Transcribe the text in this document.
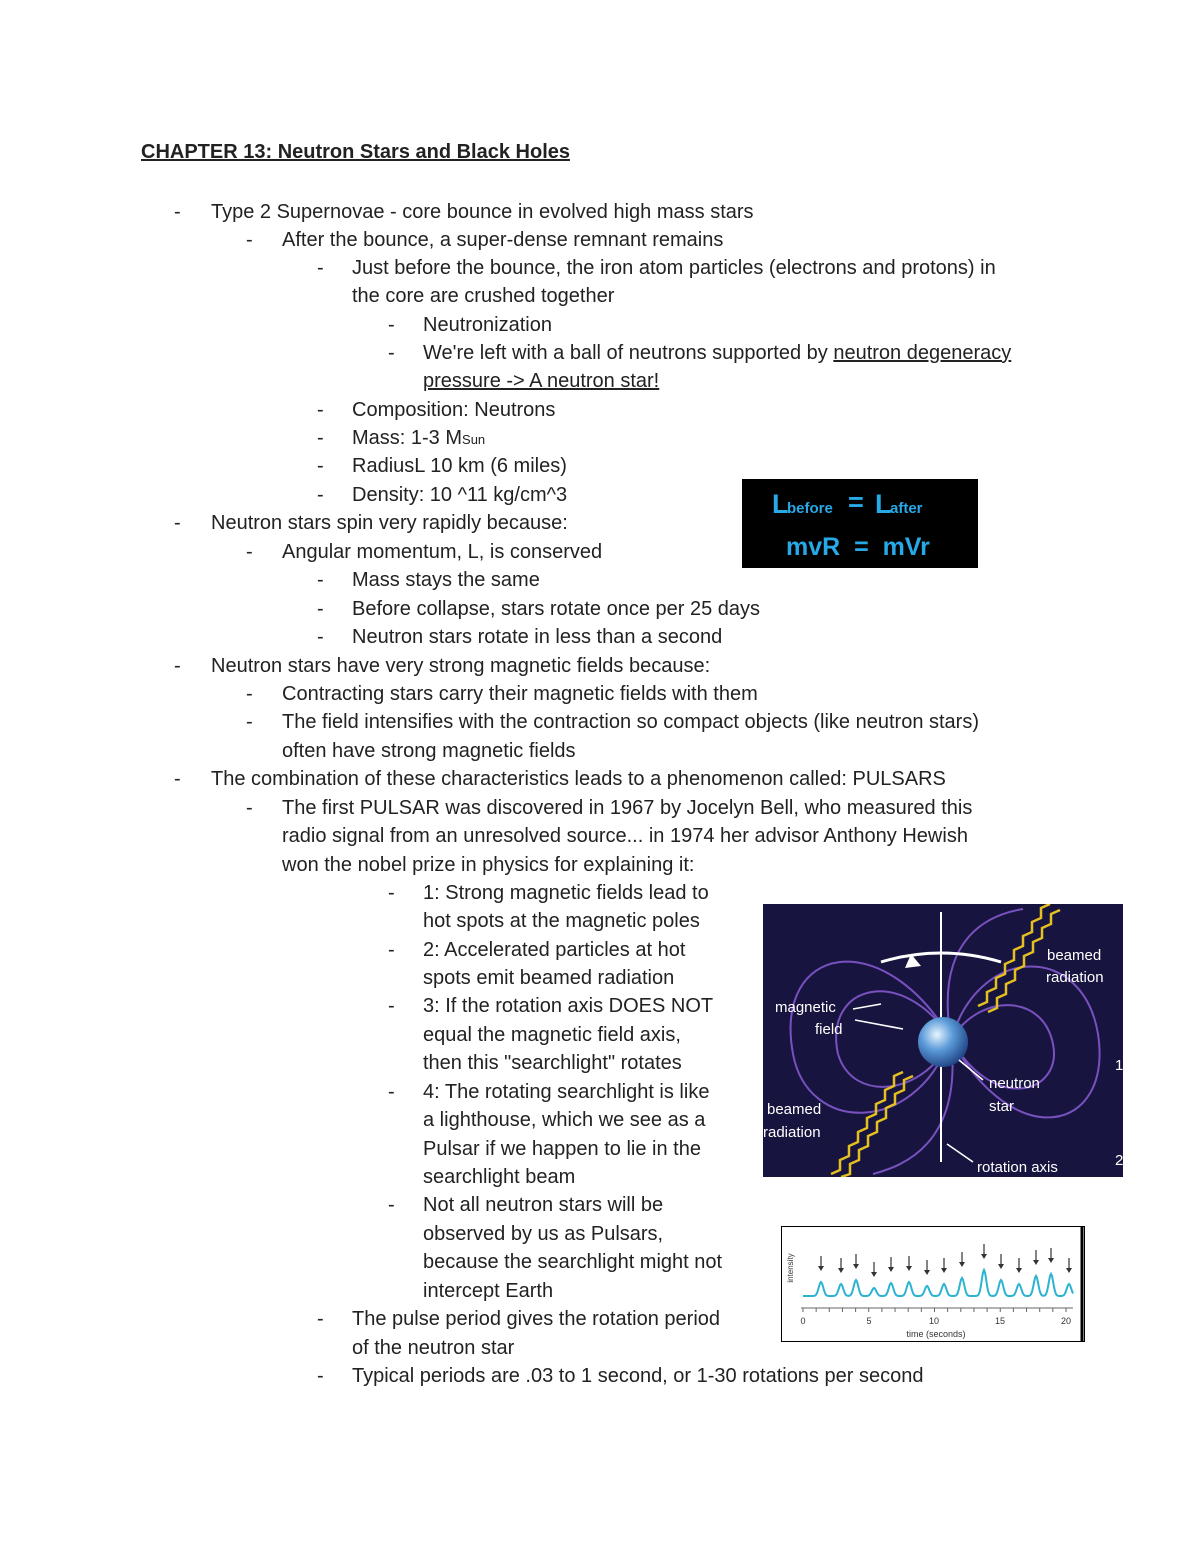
CHAPTER 13: Neutron Stars and Black Holes
- Type 2 Supernovae - core bounce in evolved high mass stars
- After the bounce, a super-dense remnant remains
- Just before the bounce, the iron atom particles (electrons and protons) in
the core are crushed together
- Neutronization
- We're left with a ball of neutrons supported by neutron degeneracy
pressure -> A neutron star!
- Composition: Neutrons
- Mass: 1-3 MSun
- RadiusL 10 km (6 miles)
- Density: 10 ^11 kg/cm^3
- Neutron stars spin very rapidly because:
- Angular momentum, L, is conserved
- Mass stays the same
- Before collapse, stars rotate once per 25 days
- Neutron stars rotate in less than a second
- Neutron stars have very strong magnetic fields because:
- Contracting stars carry their magnetic fields with them
- The field intensifies with the contraction so compact objects (like neutron stars)
often have strong magnetic fields
- The combination of these characteristics leads to a phenomenon called: PULSARS
- The first PULSAR was discovered in 1967 by Jocelyn Bell, who measured this
radio signal from an unresolved source... in 1974 her advisor Anthony Hewish
won the nobel prize in physics for explaining it:
- 1: Strong magnetic fields lead to
hot spots at the magnetic poles
- 2: Accelerated particles at hot
spots emit beamed radiation
- 3: If the rotation axis DOES NOT
equal the magnetic field axis,
then this "searchlight" rotates
- 4: The rotating searchlight is like
a lighthouse, which we see as a
Pulsar if we happen to lie in the
searchlight beam
- Not all neutron stars will be
observed by us as Pulsars,
because the searchlight might not
intercept Earth
- The pulse period gives the rotation period
of the neutron star
- Typical periods are .03 to 1 second, or 1-30 rotations per second
L
before = L
after
mvR  =  mVr
beamed
radiation
magnetic
field
neutron
star
beamed
radiation
rotation axis
1
2
intensity
0	5	10	15	20
time (seconds)
